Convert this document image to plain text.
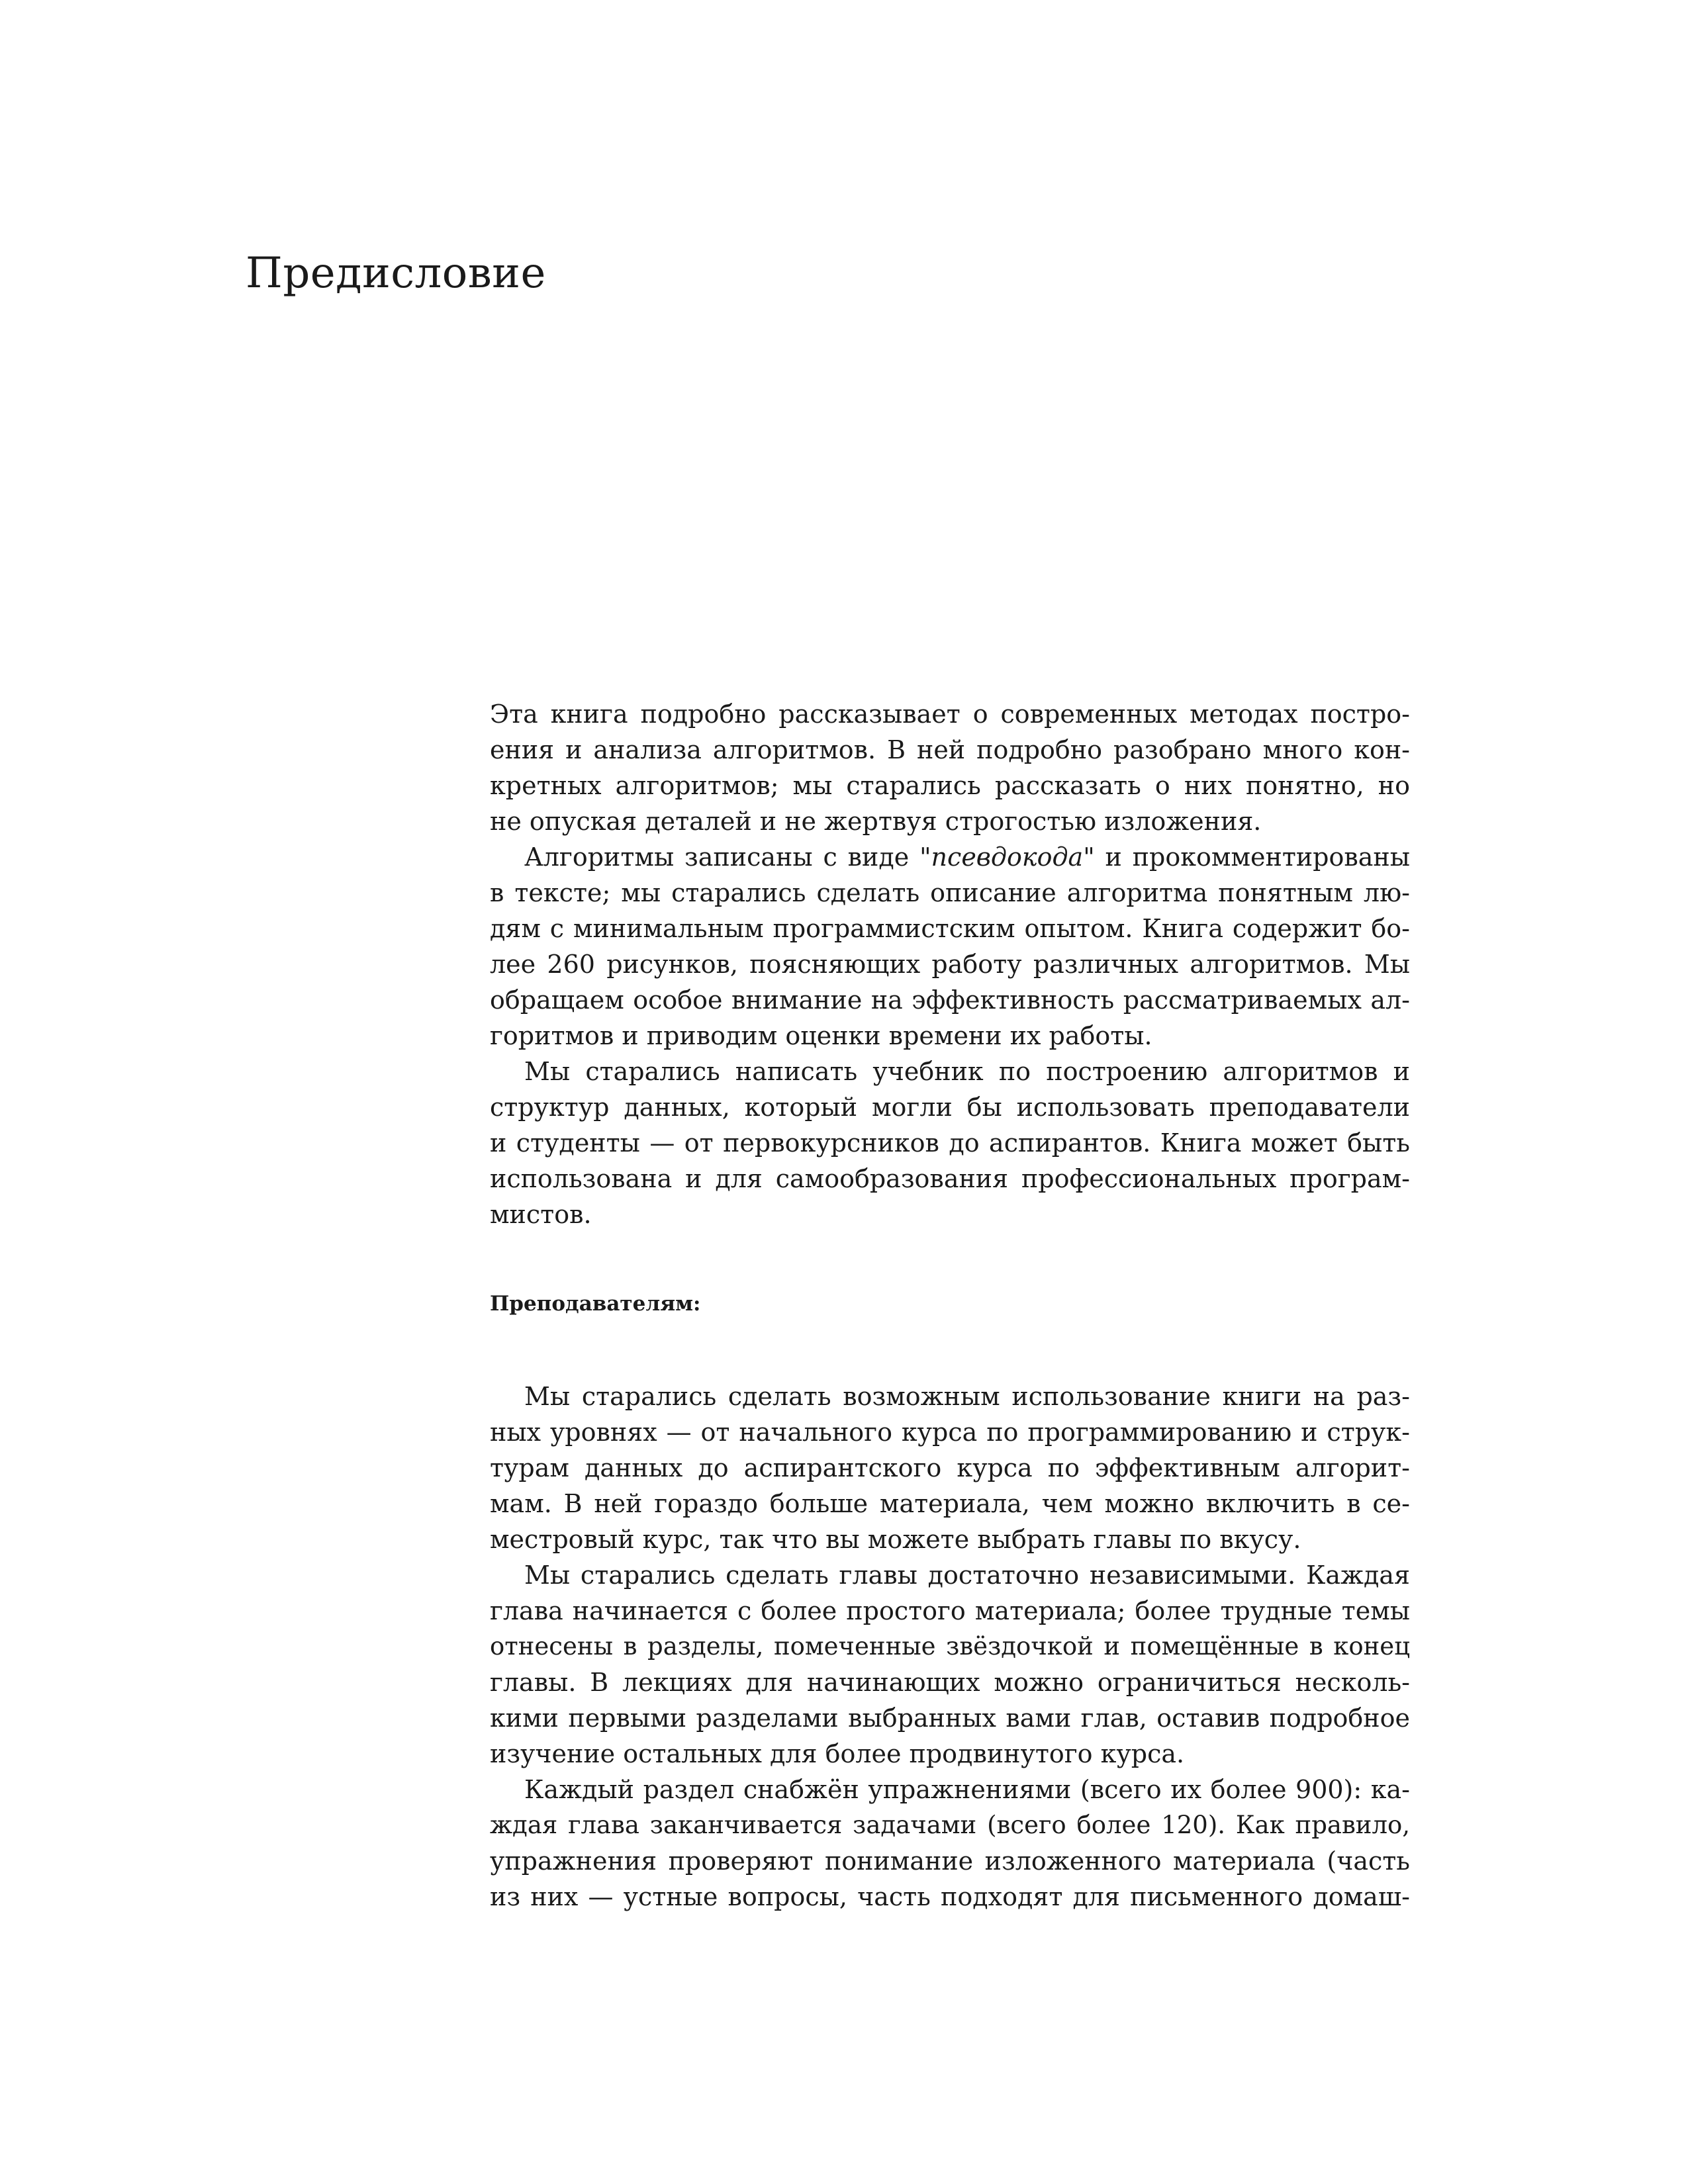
Предисловие
Эта книга подробно рассказывает о современных методах постро-
ения и анализа алгоритмов. В ней подробно разобрано много кон-
кретных алгоритмов; мы старались рассказать о них понятно, но
не опуская деталей и не жертвуя строгостью изложения.
Алгоритмы записаны с виде "псевдокода" и прокомментированы
в тексте; мы старались сделать описание алгоритма понятным лю-
дям с минимальным программистским опытом. Книга содержит бо-
лее 260 рисунков, поясняющих работу различных алгоритмов. Мы
обращаем особое внимание на эффективность рассматриваемых ал-
горитмов и приводим оценки времени их работы.
Мы старались написать учебник по построению алгоритмов и
структур данных, который могли бы использовать преподаватели
и студенты — от первокурсников до аспирантов. Книга может быть
использована и для самообразования профессиональных програм-
мистов.
Преподавателям:
Мы старались сделать возможным использование книги на раз-
ных уровнях — от начального курса по программированию и струк-
турам данных до аспирантского курса по эффективным алгорит-
мам. В ней гораздо больше материала, чем можно включить в се-
местровый курс, так что вы можете выбрать главы по вкусу.
Мы старались сделать главы достаточно независимыми. Каждая
глава начинается с более простого материала; более трудные темы
отнесены в разделы, помеченные звёздочкой и помещённые в конец
главы. В лекциях для начинающих можно ограничиться несколь-
кими первыми разделами выбранных вами глав, оставив подробное
изучение остальных для более продвинутого курса.
Каждый раздел снабжён упражнениями (всего их более 900): ка-
ждая глава заканчивается задачами (всего более 120). Как правило,
упражнения проверяют понимание изложенного материала (часть
из них — устные вопросы, часть подходят для письменного домаш-
